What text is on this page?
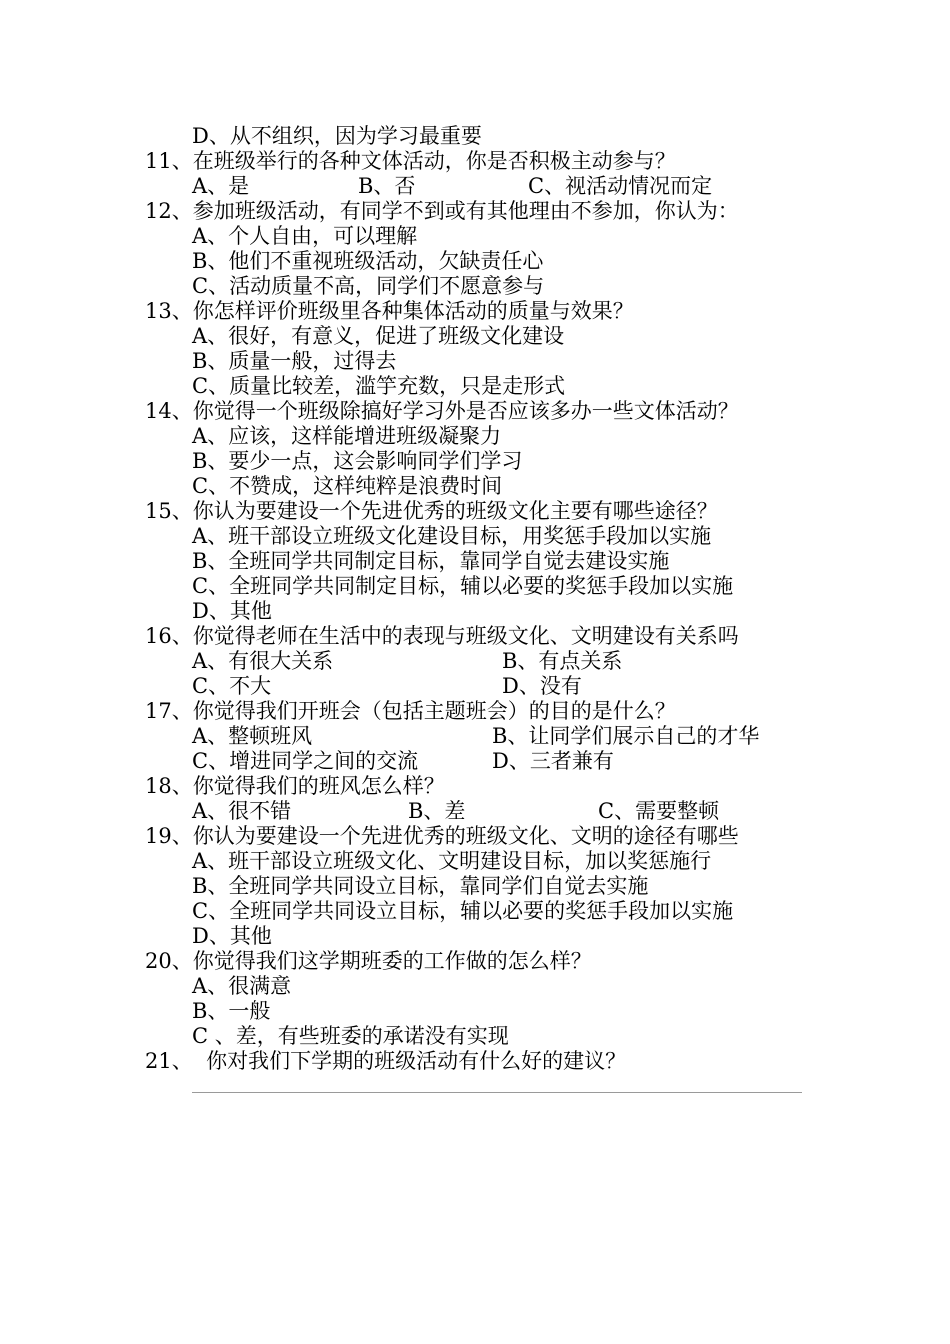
D、从不组织，因为学习最重要
11、在班级举行的各种文体活动，你是否积极主动参与？
A、是	B、否	C、视活动情况而定
12、参加班级活动，有同学不到或有其他理由不参加，你认为：
A、个人自由，可以理解
B、他们不重视班级活动，欠缺责任心
C、活动质量不高，同学们不愿意参与
13、你怎样评价班级里各种集体活动的质量与效果？
A、很好，有意义，促进了班级文化建设
B、质量一般，过得去
C、质量比较差，滥竽充数，只是走形式
14、你觉得一个班级除搞好学习外是否应该多办一些文体活动？
A、应该，这样能增进班级凝聚力
B、要少一点，这会影响同学们学习
C、不赞成，这样纯粹是浪费时间
15、你认为要建设一个先进优秀的班级文化主要有哪些途径？
A、班干部设立班级文化建设目标，用奖惩手段加以实施
B、全班同学共同制定目标，靠同学自觉去建设实施
C、全班同学共同制定目标，辅以必要的奖惩手段加以实施
D、其他
16、你觉得老师在生活中的表现与班级文化、文明建设有关系吗
A、有很大关系	B、有点关系
C、不大	D、没有
17、你觉得我们开班会（包括主题班会）的目的是什么？
A、整顿班风	B、让同学们展示自己的才华
C、增进同学之间的交流	D、三者兼有
18、你觉得我们的班风怎么样？
A、很不错	B、差	C、需要整顿
19、你认为要建设一个先进优秀的班级文化、文明的途径有哪些
A、班干部设立班级文化、文明建设目标，加以奖惩施行
B、全班同学共同设立目标，靠同学们自觉去实施
C、全班同学共同设立目标，辅以必要的奖惩手段加以实施
D、其他
20、你觉得我们这学期班委的工作做的怎么样？
A、很满意
B、一般
C 、差，有些班委的承诺没有实现
21、  你对我们下学期的班级活动有什么好的建议？
